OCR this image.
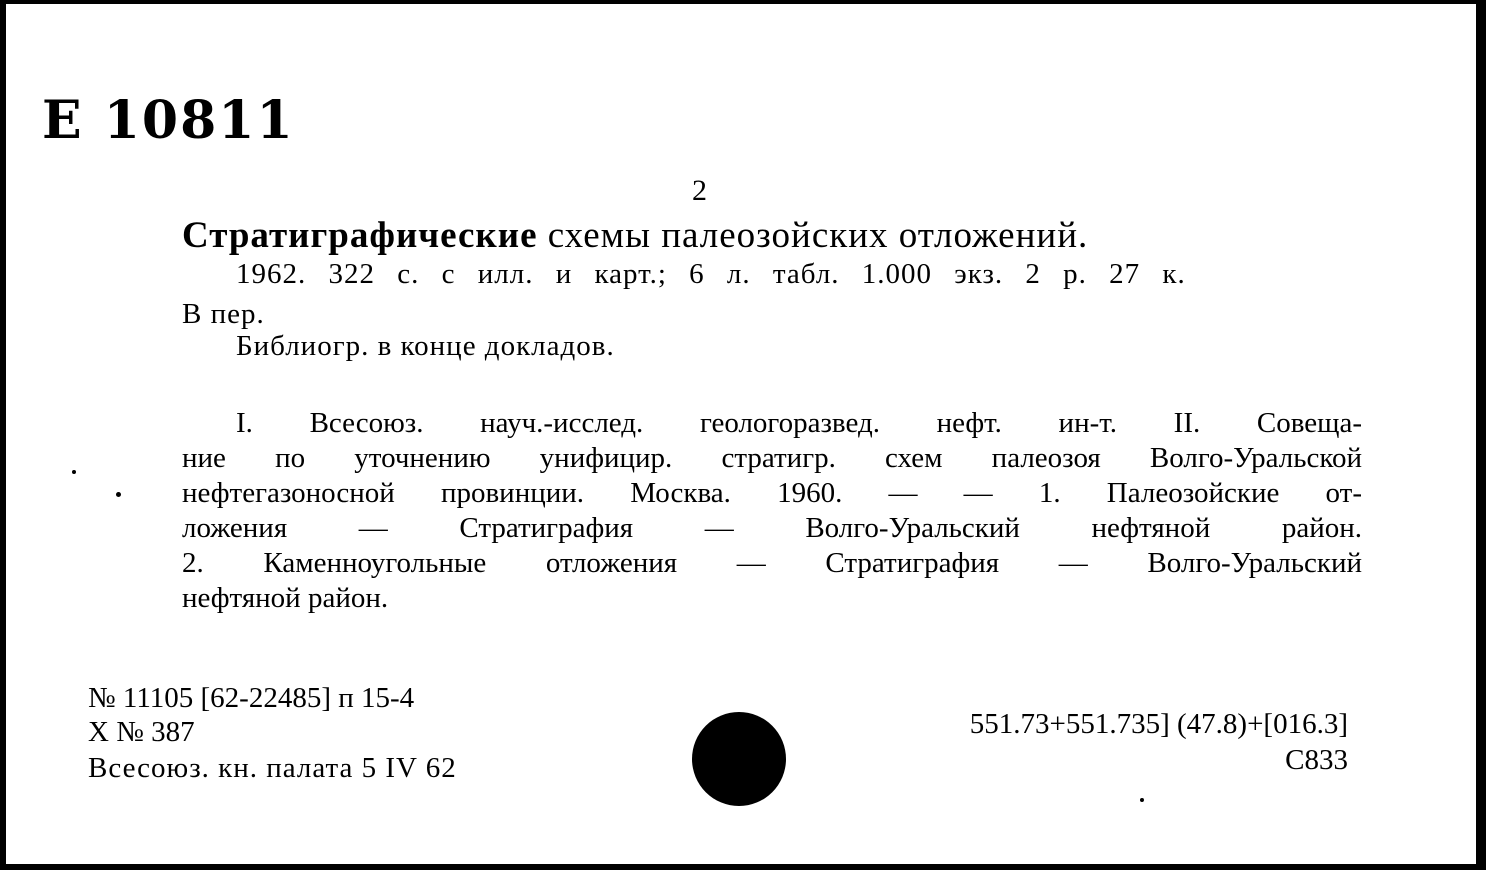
Е 10811
2
Стратиграфические схемы палеозойских отложений.
1962. 322 с. с илл. и карт.; 6 л. табл. 1.000 экз. 2 р. 27 к.
В пер.
Библиогр. в конце докладов.
I. Всесоюз. науч.-исслед. геологоразвед. нефт. ин-т. II. Совеща-
ние по уточнению унифицир. стратигр. схем палеозоя Волго-Уральской
нефтегазоносной провинции. Москва. 1960. — — 1. Палеозойские от-
ложения — Стратиграфия — Волго-Уральский нефтяной район.
2. Каменноугольные отложения — Стратиграфия — Волго-Уральский
нефтяной район.
№ 11105 [62-22485] п 15-4
Х № 387
Всесоюз. кн. палата 5 IV 62
551.73+551.735] (47.8)+[016.3]
С833
